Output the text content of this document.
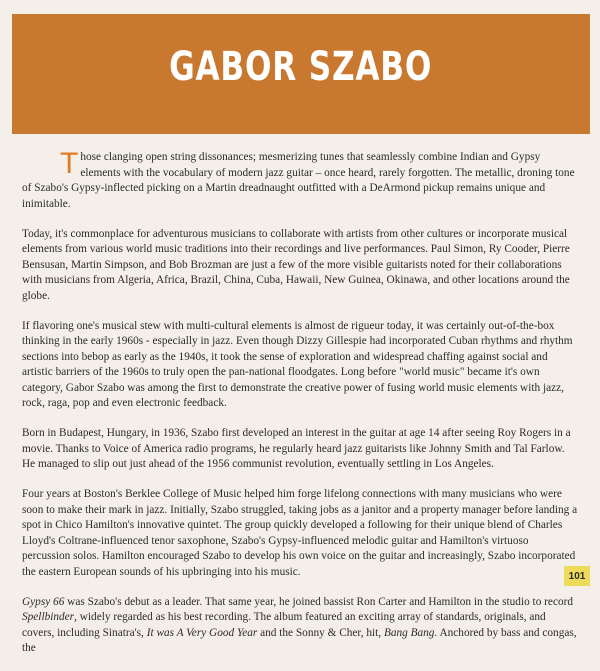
GABOR SZABO

Those clanging open string dissonances; mesmerizing tunes that seamlessly combine Indian and Gypsy elements with the vocabulary of modern jazz guitar – once heard, rarely forgotten. The metallic, droning tone of Szabo's Gypsy-inflected picking on a Martin dreadnaught outfitted with a DeArmond pickup remains unique and inimitable.

Today, it's commonplace for adventurous musicians to collaborate with artists from other cultures or incorporate musical elements from various world music traditions into their recordings and live performances. Paul Simon, Ry Cooder, Pierre Bensusan, Martin Simpson, and Bob Brozman are just a few of the more visible guitarists noted for their collaborations with musicians from Algeria, Africa, Brazil, China, Cuba, Hawaii, New Guinea, Okinawa, and other locations around the globe.

If flavoring one's musical stew with multi-cultural elements is almost de rigueur today, it was certainly out-of-the-box thinking in the early 1960s - especially in jazz. Even though Dizzy Gillespie had incorporated Cuban rhythms and rhythm sections into bebop as early as the 1940s, it took the sense of exploration and widespread chaffing against social and artistic barriers of the 1960s to truly open the pan-national floodgates. Long before "world music" became it's own category, Gabor Szabo was among the first to demonstrate the creative power of fusing world music elements with jazz, rock, raga, pop and even electronic feedback.

Born in Budapest, Hungary, in 1936, Szabo first developed an interest in the guitar at age 14 after seeing Roy Rogers in a movie. Thanks to Voice of America radio programs, he regularly heard jazz guitarists like Johnny Smith and Tal Farlow. He managed to slip out just ahead of the 1956 communist revolution, eventually settling in Los Angeles.

Four years at Boston's Berklee College of Music helped him forge lifelong connections with many musicians who were soon to make their mark in jazz. Initially, Szabo struggled, taking jobs as a janitor and a property manager before landing a spot in Chico Hamilton's innovative quintet. The group quickly developed a following for their unique blend of Charles Lloyd's Coltrane-influenced tenor saxophone, Szabo's Gypsy-influenced melodic guitar and Hamilton's virtuoso percussion solos. Hamilton encouraged Szabo to develop his own voice on the guitar and increasingly, Szabo incorporated the eastern European sounds of his upbringing into his music.

Gypsy 66 was Szabo's debut as a leader. That same year, he joined bassist Ron Carter and Hamilton in the studio to record Spellbinder, widely regarded as his best recording. The album featured an exciting array of standards, originals, and covers, including Sinatra's, It was A Very Good Year and the Sonny & Cher, hit, Bang Bang. Anchored by bass and congas, the

101
